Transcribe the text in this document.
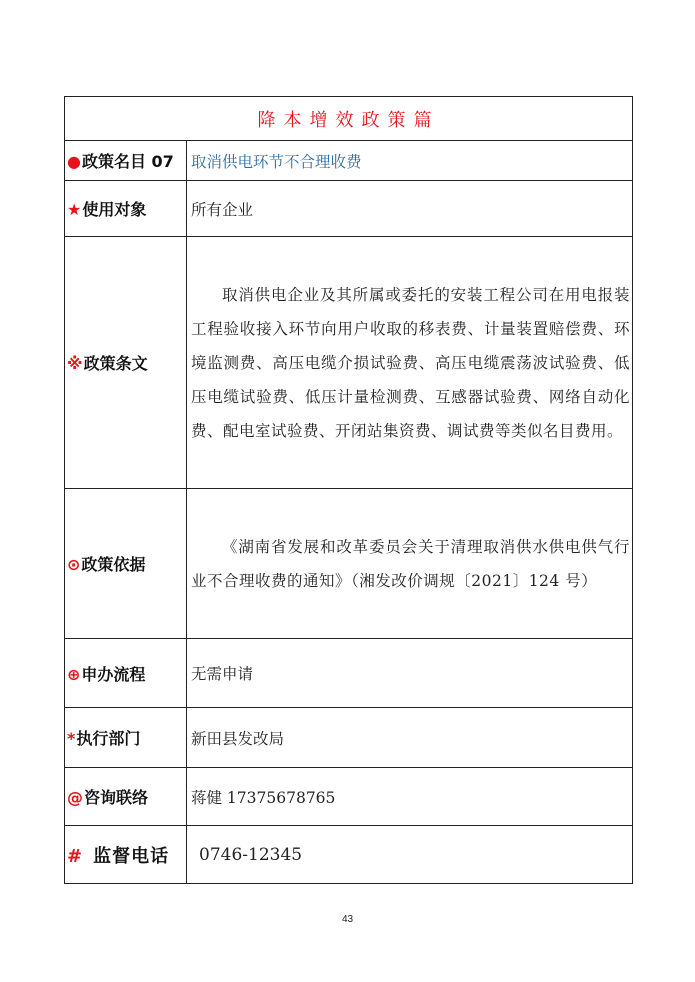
降本增效政策篇	
●政策名目 07	取消供电环节不合理收费
★使用对象	所有企业
※政策条文	取消供电企业及其所属或委托的安装工程公司在用电报装工程验收接入环节向用户收取的移表费、计量装置赔偿费、环境监测费、高压电缆介损试验费、高压电缆震荡波试验费、低压电缆试验费、低压计量检测费、互感器试验费、网络自动化费、配电室试验费、开闭站集资费、调试费等类似名目费用。

⊙政策依据	《湖南省发展和改革委员会关于清理取消供水供电供气行业不合理收费的通知》（湘发改价调规〔2021〕124 号）

⊕申办流程	无需申请
*执行部门	新田县发改局
@咨询联络	蒋健 17375678765
# 监督电话	0746-12345
43
